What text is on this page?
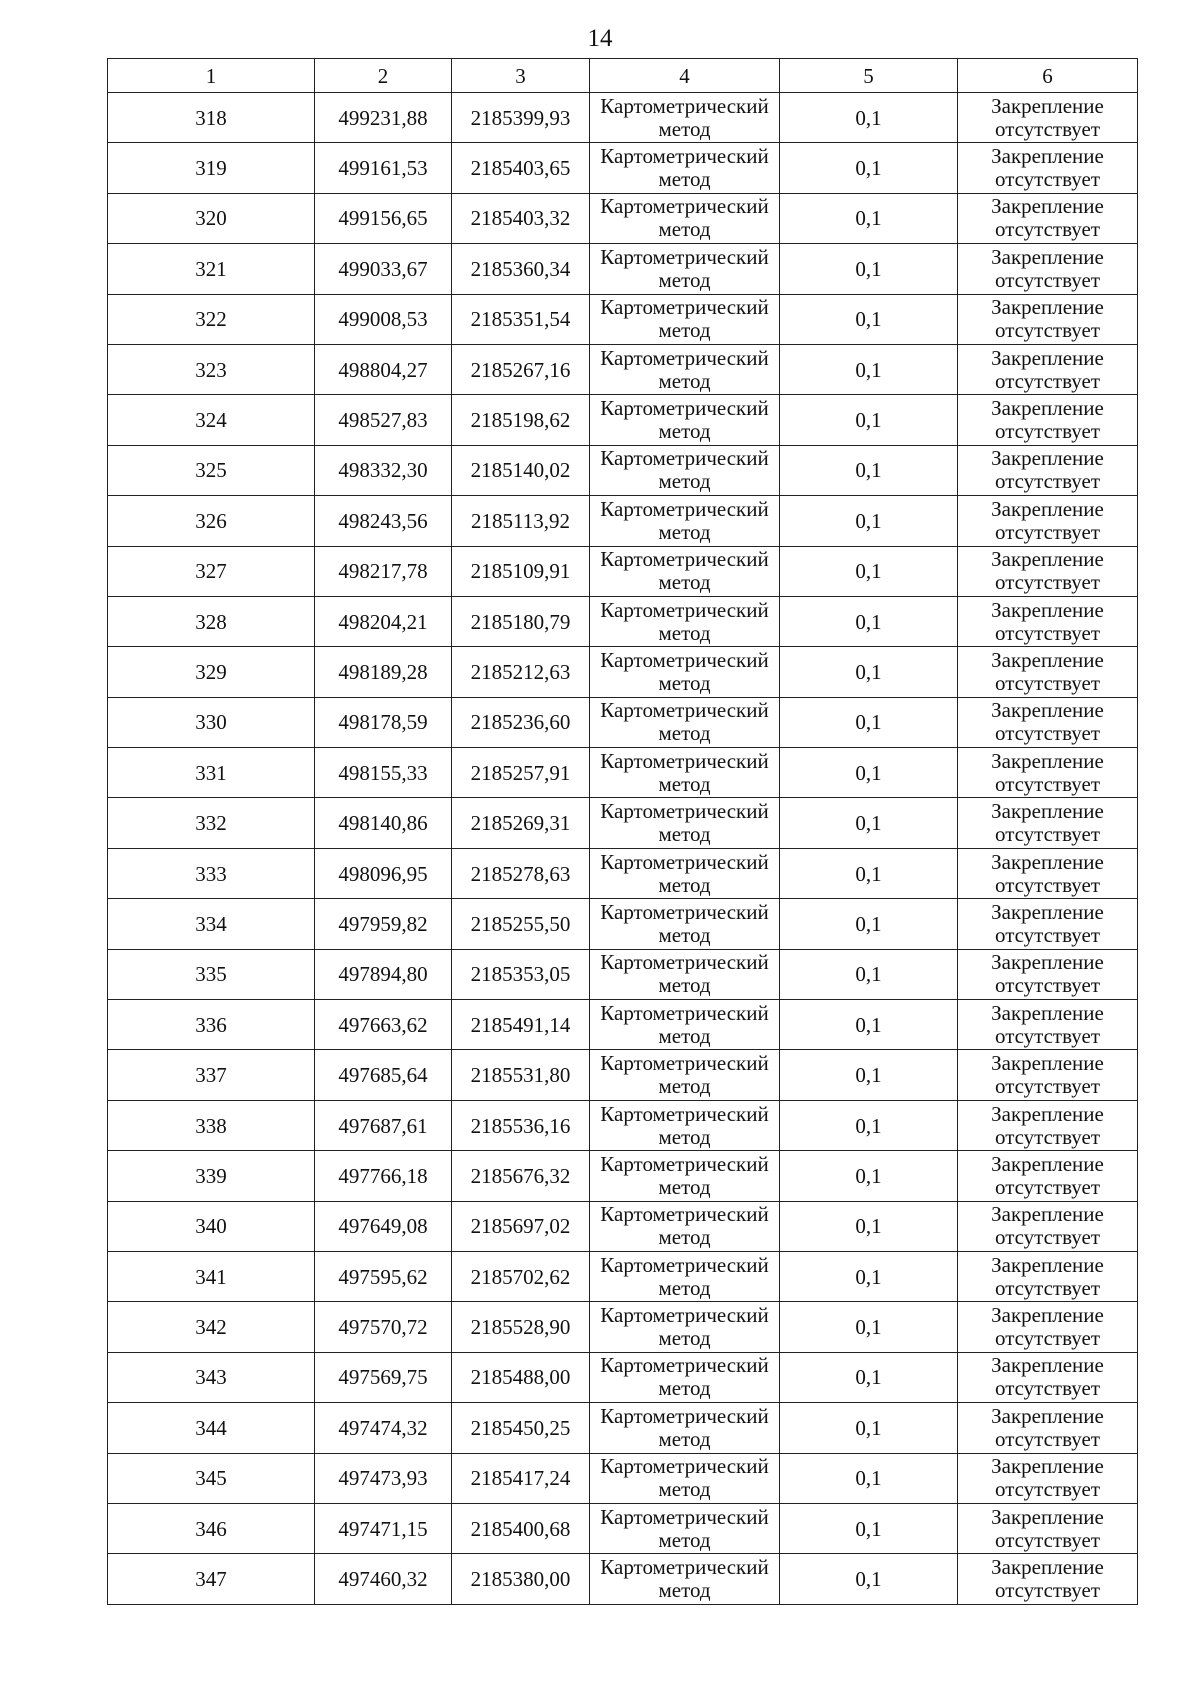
14
1	2	3	4	5	6
318	499231,88	2185399,93	Картометрический метод	0,1	Закрепление отсутствует
319	499161,53	2185403,65	Картометрический метод	0,1	Закрепление отсутствует
320	499156,65	2185403,32	Картометрический метод	0,1	Закрепление отсутствует
321	499033,67	2185360,34	Картометрический метод	0,1	Закрепление отсутствует
322	499008,53	2185351,54	Картометрический метод	0,1	Закрепление отсутствует
323	498804,27	2185267,16	Картометрический метод	0,1	Закрепление отсутствует
324	498527,83	2185198,62	Картометрический метод	0,1	Закрепление отсутствует
325	498332,30	2185140,02	Картометрический метод	0,1	Закрепление отсутствует
326	498243,56	2185113,92	Картометрический метод	0,1	Закрепление отсутствует
327	498217,78	2185109,91	Картометрический метод	0,1	Закрепление отсутствует
328	498204,21	2185180,79	Картометрический метод	0,1	Закрепление отсутствует
329	498189,28	2185212,63	Картометрический метод	0,1	Закрепление отсутствует
330	498178,59	2185236,60	Картометрический метод	0,1	Закрепление отсутствует
331	498155,33	2185257,91	Картометрический метод	0,1	Закрепление отсутствует
332	498140,86	2185269,31	Картометрический метод	0,1	Закрепление отсутствует
333	498096,95	2185278,63	Картометрический метод	0,1	Закрепление отсутствует
334	497959,82	2185255,50	Картометрический метод	0,1	Закрепление отсутствует
335	497894,80	2185353,05	Картометрический метод	0,1	Закрепление отсутствует
336	497663,62	2185491,14	Картометрический метод	0,1	Закрепление отсутствует
337	497685,64	2185531,80	Картометрический метод	0,1	Закрепление отсутствует
338	497687,61	2185536,16	Картометрический метод	0,1	Закрепление отсутствует
339	497766,18	2185676,32	Картометрический метод	0,1	Закрепление отсутствует
340	497649,08	2185697,02	Картометрический метод	0,1	Закрепление отсутствует
341	497595,62	2185702,62	Картометрический метод	0,1	Закрепление отсутствует
342	497570,72	2185528,90	Картометрический метод	0,1	Закрепление отсутствует
343	497569,75	2185488,00	Картометрический метод	0,1	Закрепление отсутствует
344	497474,32	2185450,25	Картометрический метод	0,1	Закрепление отсутствует
345	497473,93	2185417,24	Картометрический метод	0,1	Закрепление отсутствует
346	497471,15	2185400,68	Картометрический метод	0,1	Закрепление отсутствует
347	497460,32	2185380,00	Картометрический метод	0,1	Закрепление отсутствует
